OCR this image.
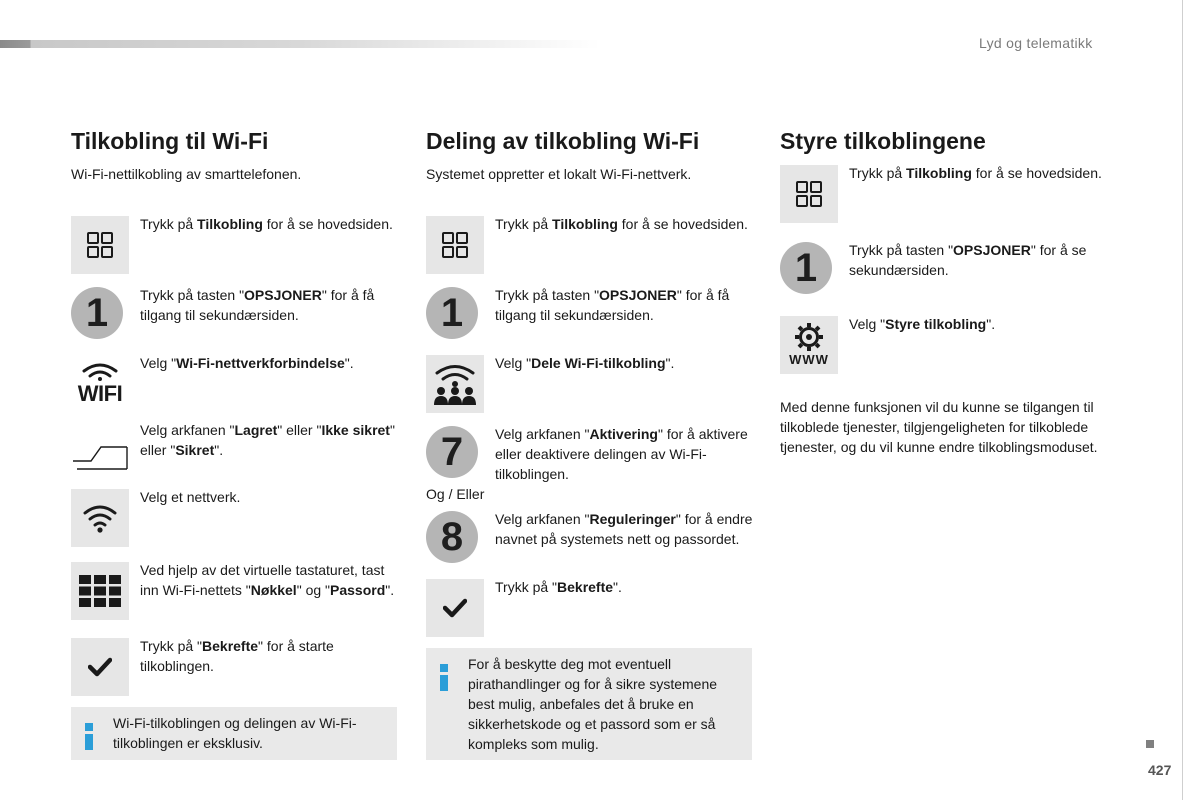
Lyd og telematikk
427
Tilkobling til Wi-Fi
Wi-Fi-nettilkobling av smarttelefonen.
Trykk på Tilkobling for å se hovedsiden.
1	Trykk på tasten "OPSJONER" for å få tilgang til sekundærsiden.
WIFI
Velg "Wi-Fi-nettverkforbindelse".
Velg arkfanen "Lagret" eller "Ikke sikret" eller "Sikret".
Velg et nettverk.
Ved hjelp av det virtuelle tastaturet, tast inn Wi-Fi-nettets "Nøkkel" og "Passord".
Trykk på "Bekrefte" for å starte tilkoblingen.
Wi-Fi-tilkoblingen og delingen av Wi-Fi-tilkoblingen er eksklusiv.
Deling av tilkobling Wi-Fi
Systemet oppretter et lokalt Wi-Fi-nettverk.
Trykk på Tilkobling for å se hovedsiden.
1	Trykk på tasten "OPSJONER" for å få tilgang til sekundærsiden.
Velg "Dele Wi-Fi-tilkobling".
7	Velg arkfanen "Aktivering" for å aktivere eller deaktivere delingen av Wi-Fi-tilkoblingen.
Og / Eller
8	Velg arkfanen "Reguleringer" for å endre navnet på systemets nett og passordet.
Trykk på "Bekrefte".
For å beskytte deg mot eventuell pirathandlinger og for å sikre systemene best mulig, anbefales det å bruke en sikkerhetskode og et passord som er så kompleks som mulig.
Styre tilkoblingene
Trykk på Tilkobling for å se hovedsiden.
1	Trykk på tasten "OPSJONER" for å se sekundærsiden.
WWW
Velg "Styre tilkobling".
Med denne funksjonen vil du kunne se tilgangen til tilkoblede tjenester, tilgjengeligheten for tilkoblede tjenester, og du vil kunne endre tilkoblingsmoduset.
